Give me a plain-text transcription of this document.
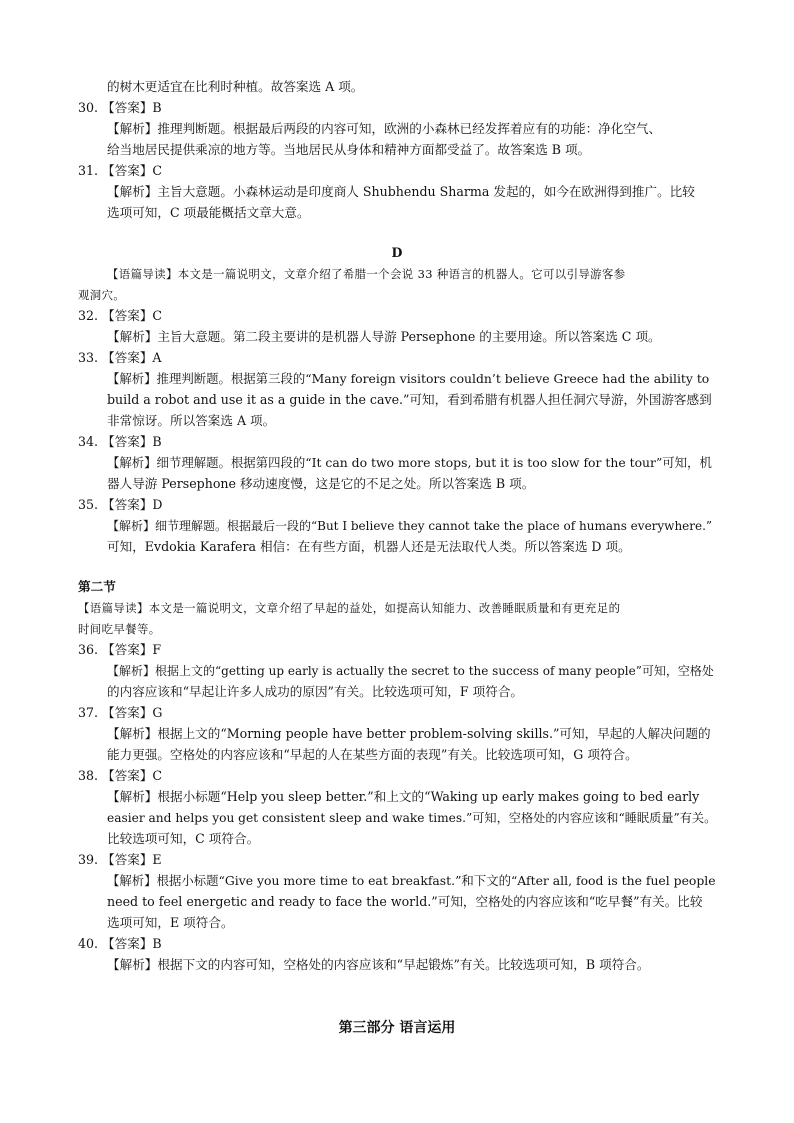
的树木更适宜在比利时种植。故答案选 A 项。
30. 【答案】B
【解析】推理判断题。根据最后两段的内容可知，欧洲的小森林已经发挥着应有的功能：净化空气、
给当地居民提供乘凉的地方等。当地居民从身体和精神方面都受益了。故答案选 B 项。
31. 【答案】C
【解析】主旨大意题。小森林运动是印度商人 Shubhendu Sharma 发起的，如今在欧洲得到推广。比较
选项可知，C 项最能概括文章大意。
D
【语篇导读】本文是一篇说明文，文章介绍了希腊一个会说 33 种语言的机器人。它可以引导游客参
观洞穴。
32. 【答案】C
【解析】主旨大意题。第二段主要讲的是机器人导游 Persephone 的主要用途。所以答案选 C 项。
33. 【答案】A
【解析】推理判断题。根据第三段的“Many foreign visitors couldn’t believe Greece had the ability to
build a robot and use it as a guide in the cave.”可知，看到希腊有机器人担任洞穴导游，外国游客感到
非常惊讶。所以答案选 A 项。
34. 【答案】B
【解析】细节理解题。根据第四段的“It can do two more stops, but it is too slow for the tour”可知，机
器人导游 Persephone 移动速度慢，这是它的不足之处。所以答案选 B 项。
35. 【答案】D
【解析】细节理解题。根据最后一段的“But I believe they cannot take the place of humans everywhere.”
可知，Evdokia Karafera 相信：在有些方面，机器人还是无法取代人类。所以答案选 D 项。
第二节
【语篇导读】本文是一篇说明文，文章介绍了早起的益处，如提高认知能力、改善睡眠质量和有更充足的
时间吃早餐等。
36. 【答案】F
【解析】根据上文的“getting up early is actually the secret to the success of many people”可知，空格处
的内容应该和“早起让许多人成功的原因”有关。比较选项可知，F 项符合。
37. 【答案】G
【解析】根据上文的“Morning people have better problem-solving skills.”可知，早起的人解决问题的
能力更强。空格处的内容应该和“早起的人在某些方面的表现”有关。比较选项可知，G 项符合。
38. 【答案】C
【解析】根据小标题“Help you sleep better.”和上文的“Waking up early makes going to bed early
easier and helps you get consistent sleep and wake times.”可知，空格处的内容应该和“睡眠质量”有关。
比较选项可知，C 项符合。
39. 【答案】E
【解析】根据小标题“Give you more time to eat breakfast.”和下文的“After all, food is the fuel people
need to feel energetic and ready to face the world.”可知，空格处的内容应该和“吃早餐”有关。比较
选项可知，E 项符合。
40. 【答案】B
【解析】根据下文的内容可知，空格处的内容应该和“早起锻炼”有关。比较选项可知，B 项符合。
第三部分 语言运用
